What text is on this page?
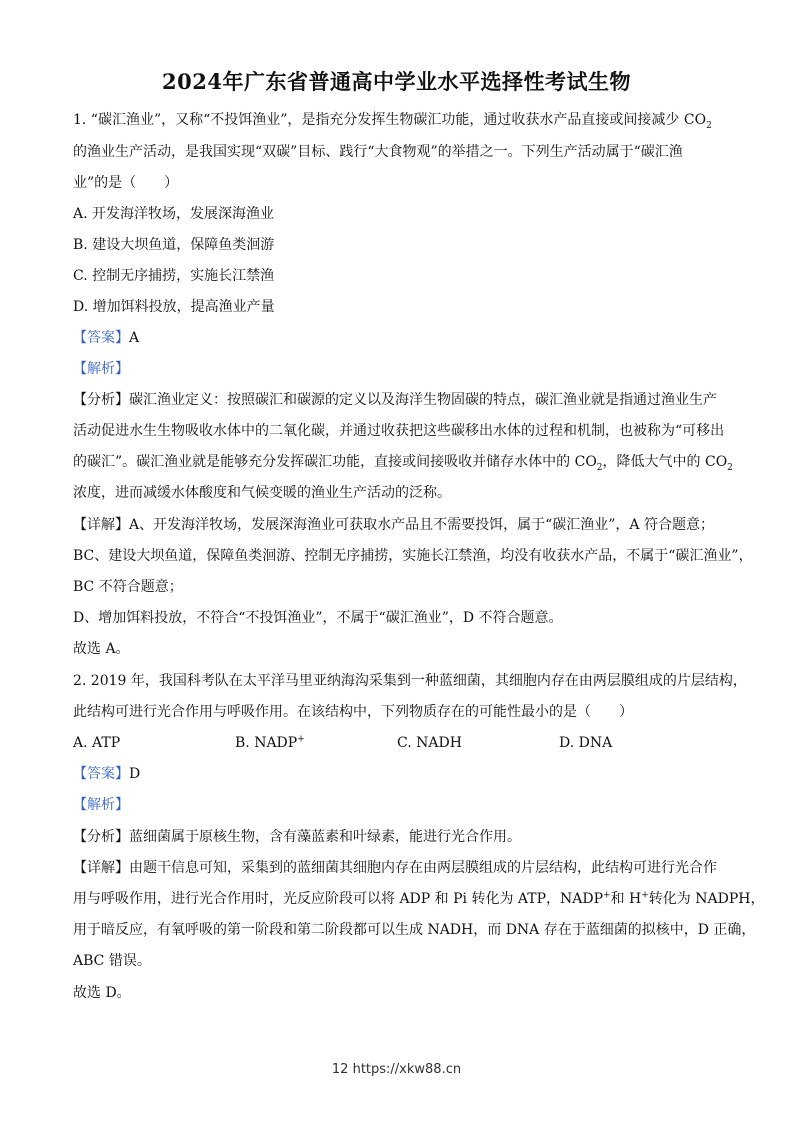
2024年广东省普通高中学业水平选择性考试生物
1. “碳汇渔业”，又称“不投饵渔业”，是指充分发挥生物碳汇功能，通过收获水产品直接或间接减少 $CO_2$
的渔业生产活动，是我国实现“双碳”目标、践行“大食物观”的举措之一。下列生产活动属于“碳汇渔
业”的是（　　）
A. 开发海洋牧场，发展深海渔业
B. 建设大坝鱼道，保障鱼类洄游
C. 控制无序捕捞，实施长江禁渔
D. 增加饵料投放，提高渔业产量
【答案】A
【解析】
【分析】碳汇渔业定义：按照碳汇和碳源的定义以及海洋生物固碳的特点，碳汇渔业就是指通过渔业生产
活动促进水生生物吸收水体中的二氧化碳，并通过收获把这些碳移出水体的过程和机制，也被称为“可移出
的碳汇”。碳汇渔业就是能够充分发挥碳汇功能，直接或间接吸收并储存水体中的 $CO_2$，降低大气中的 $CO_2$
浓度，进而减缓水体酸度和气候变暖的渔业生产活动的泛称。
【详解】A、开发海洋牧场，发展深海渔业可获取水产品且不需要投饵，属于“碳汇渔业”，A 符合题意；
BC、建设大坝鱼道，保障鱼类洄游、控制无序捕捞，实施长江禁渔，均没有收获水产品，不属于“碳汇渔业”，
BC 不符合题意；
D、增加饵料投放，不符合“不投饵渔业”，不属于“碳汇渔业”，D 不符合题意。
故选 A。
2. 2019 年，我国科考队在太平洋马里亚纳海沟采集到一种蓝细菌，其细胞内存在由两层膜组成的片层结构，
此结构可进行光合作用与呼吸作用。在该结构中，下列物质存在的可能性最小的是（　　）
A. ATP	B. NADP+	C. NADH	D. DNA
【答案】D
【解析】
【分析】蓝细菌属于原核生物，含有藻蓝素和叶绿素，能进行光合作用。
【详解】由题干信息可知，采集到的蓝细菌其细胞内存在由两层膜组成的片层结构，此结构可进行光合作
用与呼吸作用，进行光合作用时，光反应阶段可以将 ADP 和 Pi 转化为 ATP，NADP+和 H+转化为 NADPH，
用于暗反应，有氧呼吸的第一阶段和第二阶段都可以生成 NADH，而 DNA 存在于蓝细菌的拟核中，D 正确，
ABC 错误。
故选 D。
12 https://xkw88.cn
